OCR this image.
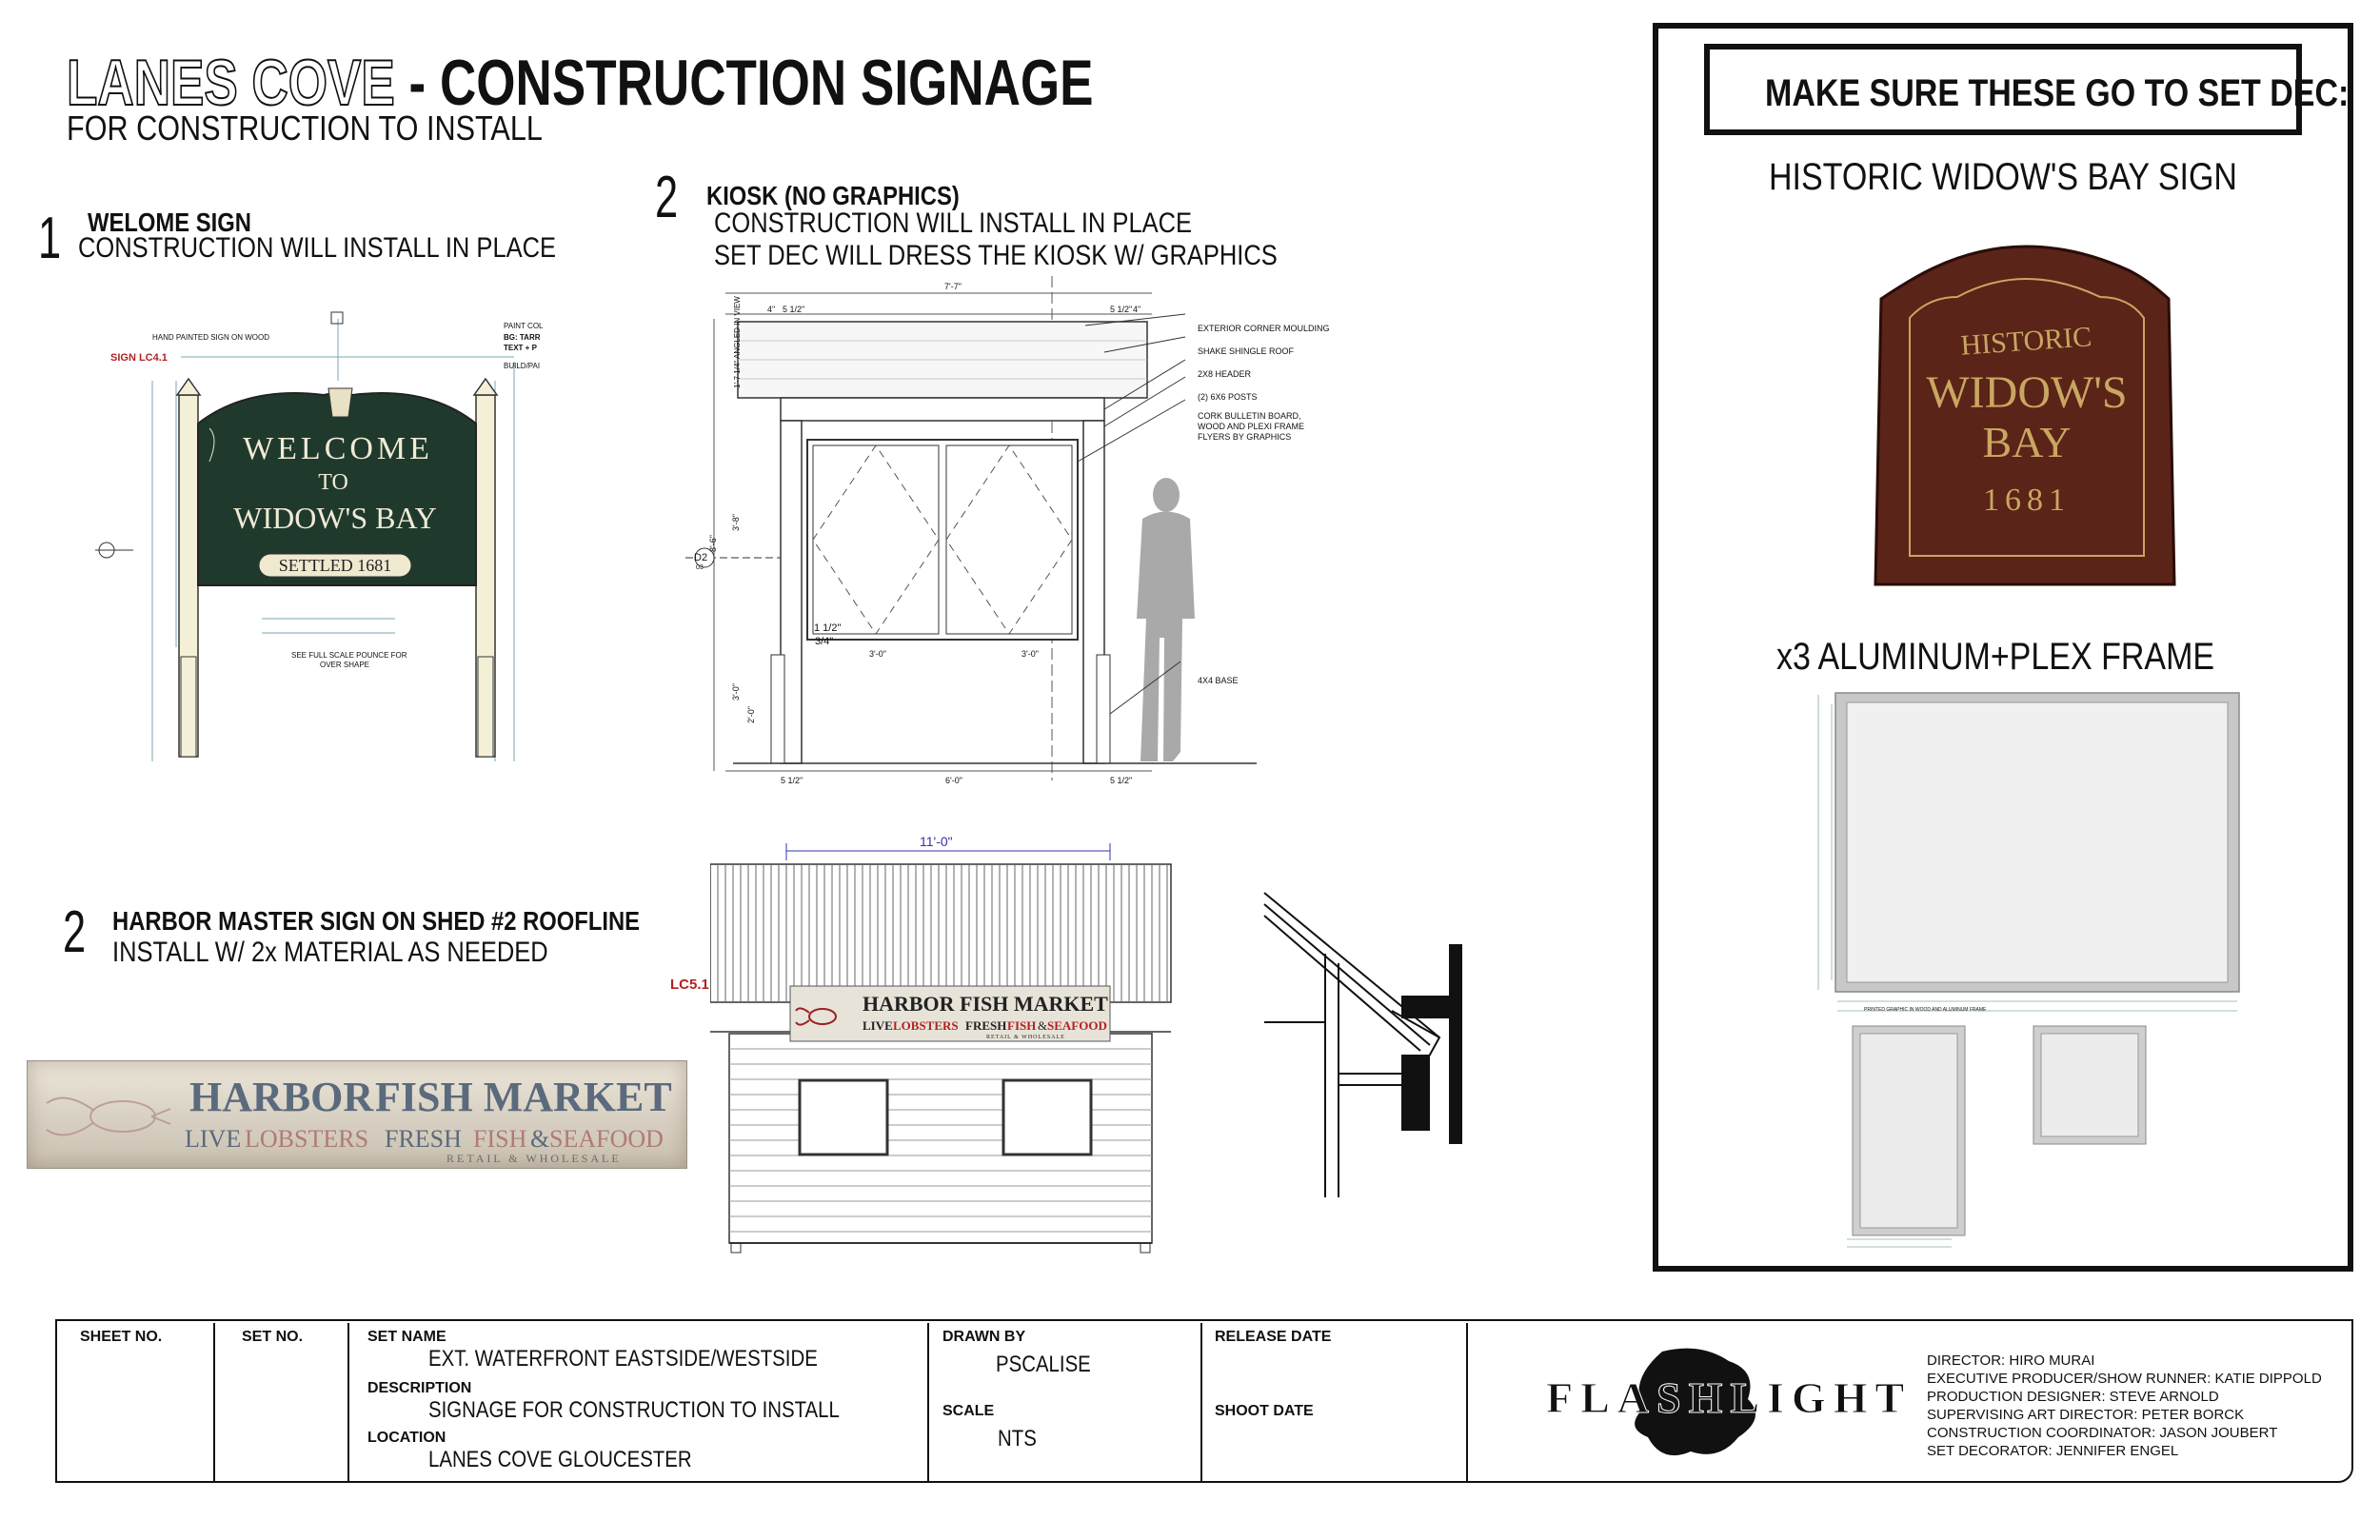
LANES COVE - CONSTRUCTION SIGNAGE
FOR CONSTRUCTION TO INSTALL
1 WELOME SIGN
CONSTRUCTION WILL INSTALL IN PLACE
WELCOME
TO
WIDOW'S BAY
SETTLED 1681
HAND PAINTED SIGN ON WOOD
SIGN LC4.1
PAINT COL
BG: TARR
TEXT + P
BUILD/PAI
SEE FULL SCALE POUNCE FOR
OVER SHAPE
2 KIOSK (NO GRAPHICS)
CONSTRUCTION WILL INSTALL IN PLACE
SET DEC WILL DRESS THE KIOSK W/ GRAPHICS
7'-7"
4" 5 1/2"	5 1/2" 4"
1'-7 1/4" ANGLED IN VIEW
3'-8"
8'-6"
3'-0"
2'-0"
D2
03
1 1/2"
3/4"
3'-0"	3'-0"
6'-0"
5 1/2"	5 1/2"
EXTERIOR CORNER MOULDING
SHAKE SHINGLE ROOF
2X8 HEADER
(2) 6X6 POSTS
CORK BULLETIN BOARD,
WOOD AND PLEXI FRAME
FLYERS BY GRAPHICS
4X4 BASE
2 HARBOR MASTER SIGN ON SHED #2 ROOFLINE
INSTALL W/ 2x MATERIAL AS NEEDED
HARBOR FISH MARKET
LIVE LOBSTERS FRESH FISH & SEAFOOD
RETAIL & WHOLESALE
LC5.1
11'-0"
HARBOR FISH MARKET
LIVE LOBSTERS FRESH FISH & SEAFOOD
RETAIL & WHOLESALE
MAKE SURE THESE GO TO SET DEC:
HISTORIC WIDOW'S BAY SIGN
HISTORIC
WIDOW'S
BAY
1681
x3 ALUMINUM+PLEX FRAME
PRINTED GRAPHIC IN WOOD AND ALUMINUM FRAME
SHEET NO.	SET NO.	SET NAME
EXT. WATERFRONT EASTSIDE/WESTSIDE
DESCRIPTION
SIGNAGE FOR CONSTRUCTION TO INSTALL
LOCATION
LANES COVE GLOUCESTER
DRAWN BY
PSCALISE
SCALE
NTS
RELEASE DATE
SHOOT DATE	FLASHLIGHT
DIRECTOR: HIRO MURAI
EXECUTIVE PRODUCER/SHOW RUNNER: KATIE DIPPOLD
PRODUCTION DESIGNER: STEVE ARNOLD
SUPERVISING ART DIRECTOR: PETER BORCK
CONSTRUCTION COORDINATOR: JASON JOUBERT
SET DECORATOR: JENNIFER ENGEL
